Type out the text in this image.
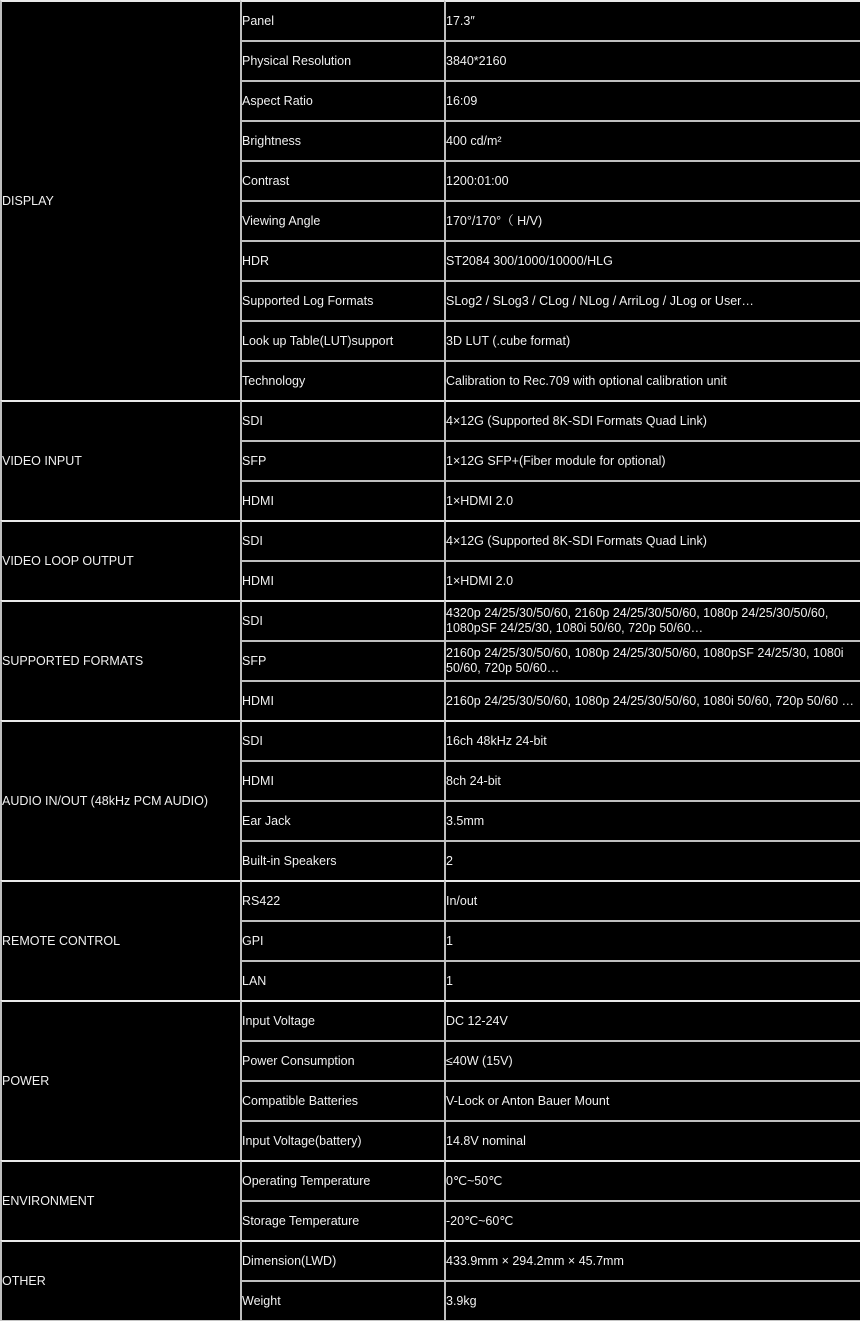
DISPLAY	Panel	17.3″
	Physical Resolution	3840*2160
	Aspect Ratio	16:09
	Brightness	400 cd/m²
	Contrast	1200:01:00
	Viewing Angle	170°/170°（ H/V)
	HDR	ST2084 300/1000/10000/HLG
	Supported Log Formats	SLog2 / SLog3 / CLog / NLog / ArriLog / JLog or User…
	Look up Table(LUT)support	3D LUT (.cube format)
	Technology	Calibration to Rec.709 with optional calibration unit
VIDEO INPUT	SDI	4×12G (Supported 8K-SDI Formats Quad Link)
	SFP	1×12G SFP+(Fiber module for optional)
	HDMI	1×HDMI 2.0
VIDEO LOOP OUTPUT	SDI	4×12G (Supported 8K-SDI Formats Quad Link)
	HDMI	1×HDMI 2.0
SUPPORTED FORMATS	SDI	4320p 24/25/30/50/60, 2160p 24/25/30/50/60, 1080p 24/25/30/50/60, 1080pSF 24/25/30, 1080i 50/60, 720p 50/60…
	SFP	2160p 24/25/30/50/60, 1080p 24/25/30/50/60, 1080pSF 24/25/30, 1080i 50/60, 720p 50/60…
	HDMI	2160p 24/25/30/50/60, 1080p 24/25/30/50/60, 1080i 50/60, 720p 50/60 …
AUDIO IN/OUT (48kHz PCM AUDIO)	SDI	16ch 48kHz 24-bit
	HDMI	8ch 24-bit
	Ear Jack	3.5mm
	Built-in Speakers	2
REMOTE CONTROL	RS422	In/out
	GPI	1
	LAN	1
POWER	Input Voltage	DC 12-24V
	Power Consumption	≤40W (15V)
	Compatible Batteries	V-Lock or Anton Bauer Mount
	Input Voltage(battery)	14.8V nominal
ENVIRONMENT	Operating Temperature	0℃~50℃
	Storage Temperature	-20℃~60℃
OTHER	Dimension(LWD)	433.9mm × 294.2mm × 45.7mm
	Weight	3.9kg
